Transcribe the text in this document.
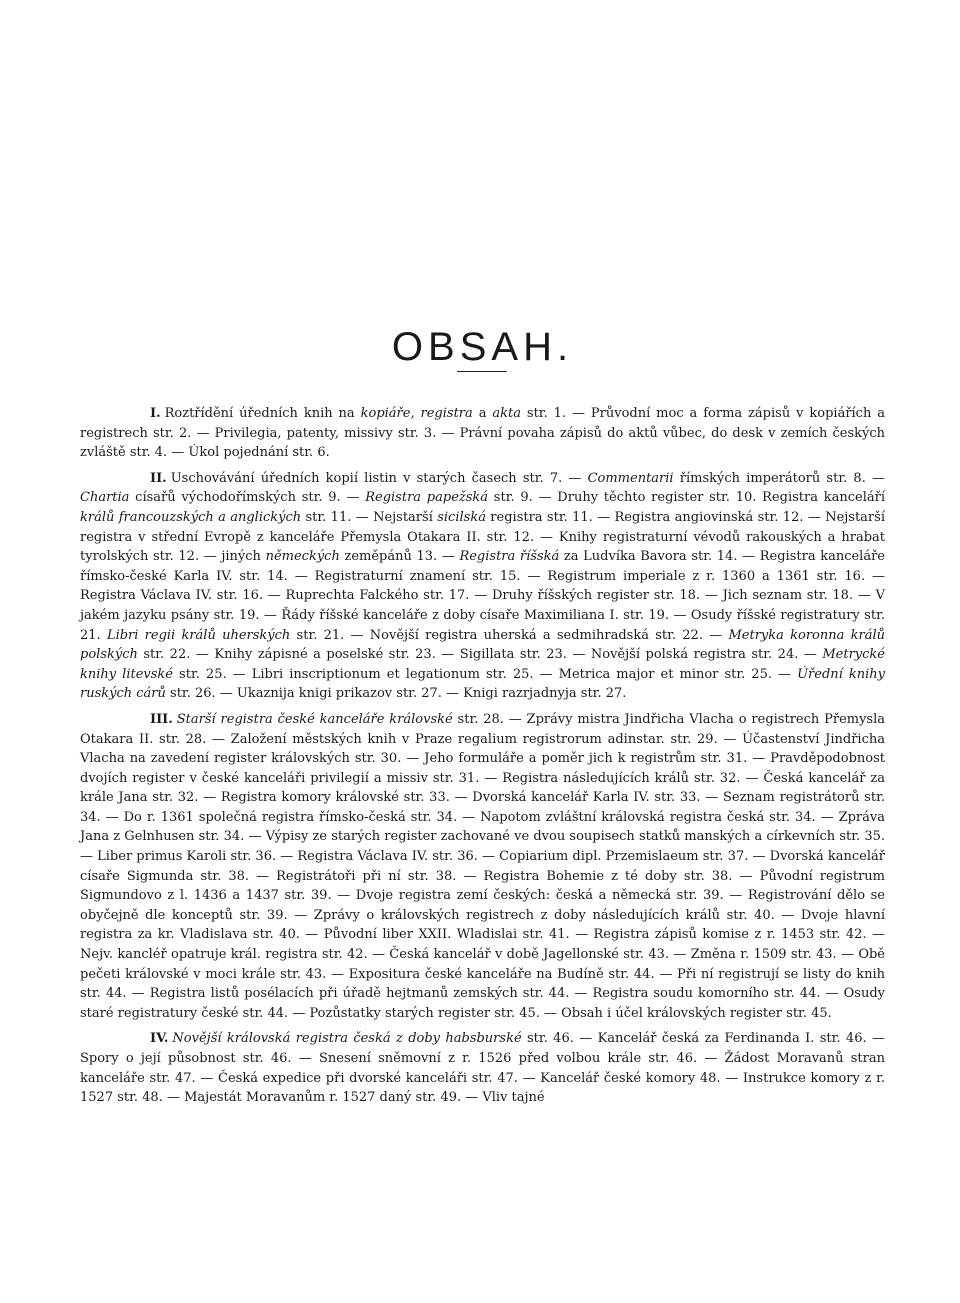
OBSAH.

I. Roztřídění úředních knih na kopiáře, registra a akta str. 1. — Průvodní moc a forma zápisů v kopiářích a registrech str. 2. — Privilegia, patenty, missivy str. 3. — Právní povaha zápisů do aktů vůbec, do desk v zemích českých zvláště str. 4. — Úkol pojednání str. 6.

II. Uschovávání úředních kopií listin v starých časech str. 7. — Commentarii římských imperátorů str. 8. — Chartia císařů východořímských str. 9. — Registra papežská str. 9. — Druhy těchto register str. 10. Registra kanceláří králů francouzských a anglických str. 11. — Nejstarší sicilská registra str. 11. — Registra angiovinská str. 12. — Nejstarší registra v střední Evropě z kanceláře Přemysla Otakara II. str. 12. — Knihy registraturní vévodů rakouských a hrabat tyrolských str. 12. — jiných německých zeměpánů 13. — Registra říšská za Ludvíka Bavora str. 14. — Registra kanceláře římsko-české Karla IV. str. 14. — Registraturní znamení str. 15. — Registrum imperiale z r. 1360 a 1361 str. 16. — Registra Václava IV. str. 16. — Ruprechta Falckého str. 17. — Druhy říšských register str. 18. — Jich seznam str. 18. — V jakém jazyku psány str. 19. — Řády říšské kanceláře z doby císaře Maximiliana I. str. 19. — Osudy říšské registratury str. 21. Libri regii králů uherských str. 21. — Novější registra uherská a sedmihradská str. 22. — Metryka koronna králů polských str. 22. — Knihy zápisné a poselské str. 23. — Sigillata str. 23. — Novější polská registra str. 24. — Metrycké knihy litevské str. 25. — Libri inscriptionum et legationum str. 25. — Metrica major et minor str. 25. — Úřední knihy ruských cárů str. 26. — Ukaznija knigi prikazov str. 27. — Knigi razrjadnyja str. 27.

III. Starší registra české kanceláře královské str. 28. — Zprávy mistra Jindřicha Vlacha o registrech Přemysla Otakara II. str. 28. — Založení městských knih v Praze regalium registrorum adinstar. str. 29. — Účastenství Jindřicha Vlacha na zavedení register královských str. 30. — Jeho formuláře a poměr jich k registrům str. 31. — Pravděpodobnost dvojích register v české kanceláři privilegií a missiv str. 31. — Registra následujících králů str. 32. — Česká kancelář za krále Jana str. 32. — Registra komory královské str. 33. — Dvorská kancelář Karla IV. str. 33. — Seznam registrátorů str. 34. — Do r. 1361 společná registra římsko-česká str. 34. — Napotom zvláštní královská registra česká str. 34. — Zpráva Jana z Gelnhusen str. 34. — Výpisy ze starých register zachované ve dvou soupisech statků manských a církevních str. 35. — Liber primus Karoli str. 36. — Registra Václava IV. str. 36. — Copiarium dipl. Przemislaeum str. 37. — Dvorská kancelář císaře Sigmunda str. 38. — Registrátoři při ní str. 38. — Registra Bohemie z té doby str. 38. — Původní registrum Sigmundovo z l. 1436 a 1437 str. 39. — Dvoje registra zemí českých: česká a německá str. 39. — Registrování dělo se obyčejně dle konceptů str. 39. — Zprávy o královských registrech z doby následujících králů str. 40. — Dvoje hlavní registra za kr. Vladislava str. 40. — Původní liber XXII. Wladislai str. 41. — Registra zápisů komise z r. 1453 str. 42. — Nejv. kancléř opatruje král. registra str. 42. — Česká kancelář v době Jagellonské str. 43. — Změna r. 1509 str. 43. — Obě pečeti královské v moci krále str. 43. — Expositura české kanceláře na Budíně str. 44. — Při ní registrují se listy do knih str. 44. — Registra listů posélacích při úřadě hejtmanů zemských str. 44. — Registra soudu komorního str. 44. — Osudy staré registratury české str. 44. — Pozůstatky starých register str. 45. — Obsah i účel královských register str. 45.

IV. Novější královská registra česká z doby habsburské str. 46. — Kancelář česká za Ferdinanda I. str. 46. — Spory o její působnost str. 46. — Snesení sněmovní z r. 1526 před volbou krále str. 46. — Žádost Moravanů stran kanceláře str. 47. — Česká expedice při dvorské kanceláři str. 47. — Kancelář české komory 48. — Instrukce komory z r. 1527 str. 48. — Majestát Moravanům r. 1527 daný str. 49. — Vliv tajné
